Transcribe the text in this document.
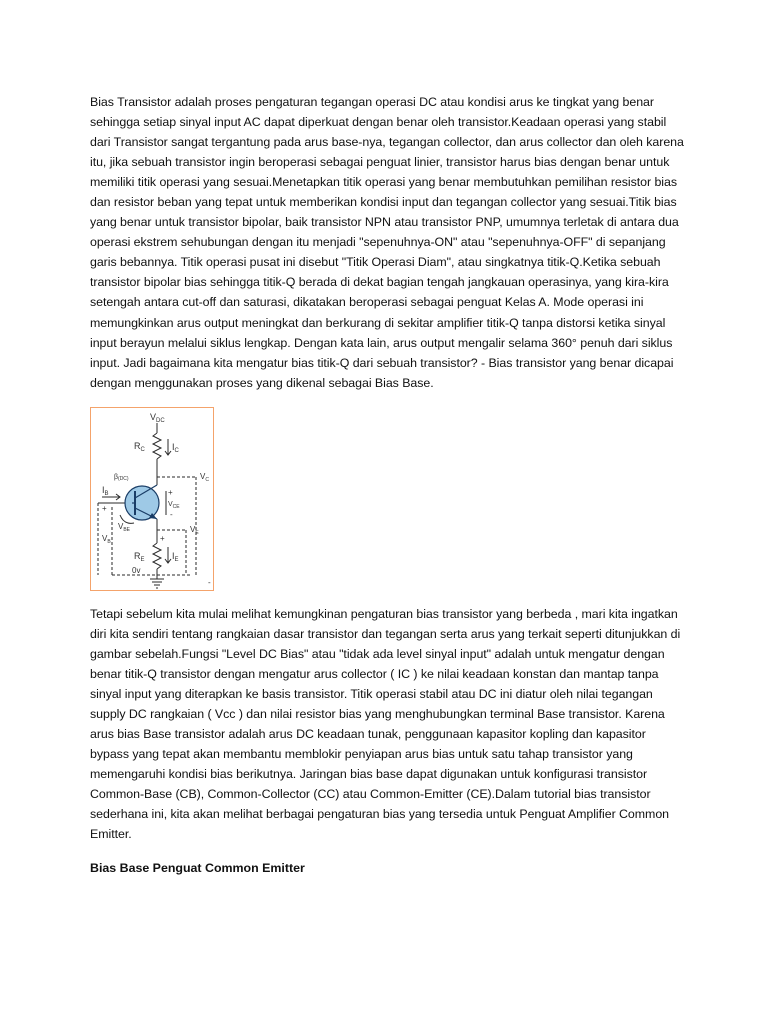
Bias Transistor adalah proses pengaturan tegangan operasi DC atau kondisi arus ke tingkat yang benar sehingga setiap sinyal input AC dapat diperkuat dengan benar oleh transistor.Keadaan operasi yang stabil dari Transistor sangat tergantung pada arus base-nya, tegangan collector, dan arus collector dan oleh karena itu, jika sebuah transistor ingin beroperasi sebagai penguat linier, transistor harus bias dengan benar untuk memiliki titik operasi yang sesuai.Menetapkan titik operasi yang benar membutuhkan pemilihan resistor bias dan resistor beban yang tepat untuk memberikan kondisi input dan tegangan collector yang sesuai.Titik bias yang benar untuk transistor bipolar, baik transistor NPN atau transistor PNP, umumnya terletak di antara dua operasi ekstrem sehubungan dengan itu menjadi "sepenuhnya-ON" atau "sepenuhnya-OFF" di sepanjang garis bebannya. Titik operasi pusat ini disebut "Titik Operasi Diam", atau singkatnya titik-Q.Ketika sebuah transistor bipolar bias sehingga titik-Q berada di dekat bagian tengah jangkauan operasinya, yang kira-kira setengah antara cut-off dan saturasi, dikatakan beroperasi sebagai penguat Kelas A. Mode operasi ini memungkinkan arus output meningkat dan berkurang di sekitar amplifier titik-Q tanpa distorsi ketika sinyal input berayun melalui siklus lengkap. Dengan kata lain, arus output mengalir selama 360° penuh dari siklus input. Jadi bagaimana kita mengatur bias titik-Q dari sebuah transistor? - Bias transistor yang benar dicapai dengan menggunakan proses yang dikenal sebagai Bias Base.

$V_{DC}$
$R_C$	$I_C$
β(DC)	$V_C$
$I_B$	+
$V_{CE}$
-
+
$V_{BE}$	$V_E$
$V_B$
$R_E$	$I_E$
+
0v
-

Tetapi sebelum kita mulai melihat kemungkinan pengaturan bias transistor yang berbeda , mari kita ingatkan diri kita sendiri tentang rangkaian dasar transistor dan tegangan serta arus yang terkait seperti ditunjukkan di gambar sebelah.Fungsi "Level DC Bias" atau "tidak ada level sinyal input" adalah untuk mengatur dengan benar titik-Q transistor dengan mengatur arus collector ( IC ) ke nilai keadaan konstan dan mantap tanpa sinyal input yang diterapkan ke basis transistor. Titik operasi stabil atau DC ini diatur oleh nilai tegangan supply DC rangkaian ( Vcc ) dan nilai resistor bias yang menghubungkan terminal Base transistor. Karena arus bias Base transistor adalah arus DC keadaan tunak, penggunaan kapasitor kopling dan kapasitor bypass yang tepat akan membantu memblokir penyiapan arus bias untuk satu tahap transistor yang memengaruhi kondisi bias berikutnya. Jaringan bias base dapat digunakan untuk konfigurasi transistor Common-Base (CB), Common-Collector (CC) atau Common-Emitter (CE).Dalam tutorial bias transistor sederhana ini, kita akan melihat berbagai pengaturan bias yang tersedia untuk Penguat Amplifier Common Emitter.

Bias Base Penguat Common Emitter
